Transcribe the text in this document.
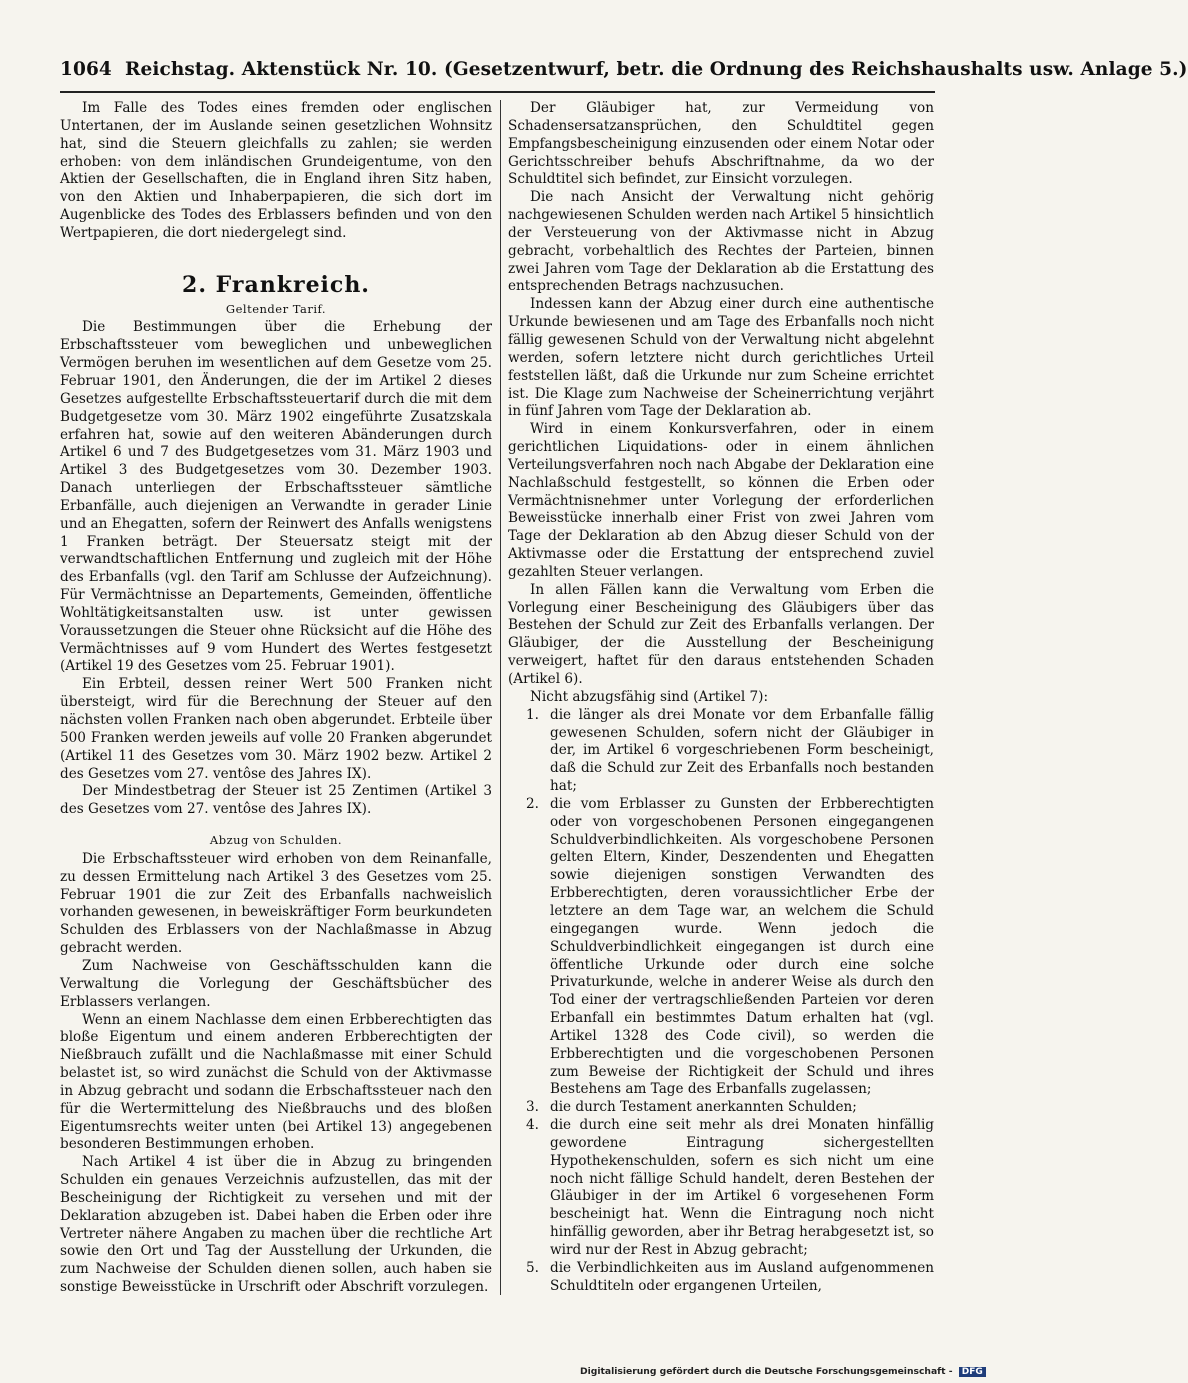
1064 Reichstag. Aktenstück Nr. 10. (Gesetzentwurf, betr. die Ordnung des Reichshaushalts usw. Anlage 5.)

Im Falle des Todes eines fremden oder englischen Untertanen, der im Auslande seinen gesetzlichen Wohnsitz hat, sind die Steuern gleichfalls zu zahlen; sie werden erhoben: von dem inländischen Grundeigentume, von den Aktien der Gesellschaften, die in England ihren Sitz haben, von den Aktien und Inhaberpapieren, die sich dort im Augenblicke des Todes des Erblassers befinden und von den Wertpapieren, die dort niedergelegt sind.

2. Frankreich.
Geltender Tarif.

Die Bestimmungen über die Erhebung der Erbschaftssteuer vom beweglichen und unbeweglichen Vermögen beruhen im wesentlichen auf dem Gesetze vom 25. Februar 1901, den Änderungen, die der im Artikel 2 dieses Gesetzes aufgestellte Erbschaftssteuertarif durch die mit dem Budgetgesetze vom 30. März 1902 eingeführte Zusatzskala erfahren hat, sowie auf den weiteren Abänderungen durch Artikel 6 und 7 des Budgetgesetzes vom 31. März 1903 und Artikel 3 des Budgetgesetzes vom 30. Dezember 1903. Danach unterliegen der Erbschaftssteuer sämtliche Erbanfälle, auch diejenigen an Verwandte in gerader Linie und an Ehegatten, sofern der Reinwert des Anfalls wenigstens 1 Franken beträgt. Der Steuersatz steigt mit der verwandtschaftlichen Entfernung und zugleich mit der Höhe des Erbanfalls (vgl. den Tarif am Schlusse der Aufzeichnung). Für Vermächtnisse an Departements, Gemeinden, öffentliche Wohltätigkeitsanstalten usw. ist unter gewissen Voraussetzungen die Steuer ohne Rücksicht auf die Höhe des Vermächtnisses auf 9 vom Hundert des Wertes festgesetzt (Artikel 19 des Gesetzes vom 25. Februar 1901).

Ein Erbteil, dessen reiner Wert 500 Franken nicht übersteigt, wird für die Berechnung der Steuer auf den nächsten vollen Franken nach oben abgerundet. Erbteile über 500 Franken werden jeweils auf volle 20 Franken abgerundet (Artikel 11 des Gesetzes vom 30. März 1902 bezw. Artikel 2 des Gesetzes vom 27. ventôse des Jahres IX).

Der Mindestbetrag der Steuer ist 25 Zentimen (Artikel 3 des Gesetzes vom 27. ventôse des Jahres IX).

Abzug von Schulden.

Die Erbschaftssteuer wird erhoben von dem Reinanfalle, zu dessen Ermittelung nach Artikel 3 des Gesetzes vom 25. Februar 1901 die zur Zeit des Erbanfalls nachweislich vorhanden gewesenen, in beweiskräftiger Form beurkundeten Schulden des Erblassers von der Nachlaßmasse in Abzug gebracht werden.

Zum Nachweise von Geschäftsschulden kann die Verwaltung die Vorlegung der Geschäftsbücher des Erblassers verlangen.

Wenn an einem Nachlasse dem einen Erbberechtigten das bloße Eigentum und einem anderen Erbberechtigten der Nießbrauch zufällt und die Nachlaßmasse mit einer Schuld belastet ist, so wird zunächst die Schuld von der Aktivmasse in Abzug gebracht und sodann die Erbschaftssteuer nach den für die Wertermittelung des Nießbrauchs und des bloßen Eigentumsrechts weiter unten (bei Artikel 13) angegebenen besonderen Bestimmungen erhoben.

Nach Artikel 4 ist über die in Abzug zu bringenden Schulden ein genaues Verzeichnis aufzustellen, das mit der Bescheinigung der Richtigkeit zu versehen und mit der Deklaration abzugeben ist. Dabei haben die Erben oder ihre Vertreter nähere Angaben zu machen über die rechtliche Art sowie den Ort und Tag der Ausstellung der Urkunden, die zum Nachweise der Schulden dienen sollen, auch haben sie sonstige Beweisstücke in Urschrift oder Abschrift vorzulegen.

Der Gläubiger hat, zur Vermeidung von Schadensersatzansprüchen, den Schuldtitel gegen Empfangsbescheinigung einzusenden oder einem Notar oder Gerichtsschreiber behufs Abschriftnahme, da wo der Schuldtitel sich befindet, zur Einsicht vorzulegen.

Die nach Ansicht der Verwaltung nicht gehörig nachgewiesenen Schulden werden nach Artikel 5 hinsichtlich der Versteuerung von der Aktivmasse nicht in Abzug gebracht, vorbehaltlich des Rechtes der Parteien, binnen zwei Jahren vom Tage der Deklaration ab die Erstattung des entsprechenden Betrags nachzusuchen.

Indessen kann der Abzug einer durch eine authentische Urkunde bewiesenen und am Tage des Erbanfalls noch nicht fällig gewesenen Schuld von der Verwaltung nicht abgelehnt werden, sofern letztere nicht durch gerichtliches Urteil feststellen läßt, daß die Urkunde nur zum Scheine errichtet ist. Die Klage zum Nachweise der Scheinerrichtung verjährt in fünf Jahren vom Tage der Deklaration ab.

Wird in einem Konkursverfahren, oder in einem gerichtlichen Liquidations- oder in einem ähnlichen Verteilungsverfahren noch nach Abgabe der Deklaration eine Nachlaßschuld festgestellt, so können die Erben oder Vermächtnisnehmer unter Vorlegung der erforderlichen Beweisstücke innerhalb einer Frist von zwei Jahren vom Tage der Deklaration ab den Abzug dieser Schuld von der Aktivmasse oder die Erstattung der entsprechend zuviel gezahlten Steuer verlangen.

In allen Fällen kann die Verwaltung vom Erben die Vorlegung einer Bescheinigung des Gläubigers über das Bestehen der Schuld zur Zeit des Erbanfalls verlangen. Der Gläubiger, der die Ausstellung der Bescheinigung verweigert, haftet für den daraus entstehenden Schaden (Artikel 6).

Nicht abzugsfähig sind (Artikel 7):

1. die länger als drei Monate vor dem Erbanfalle fällig gewesenen Schulden, sofern nicht der Gläubiger in der, im Artikel 6 vorgeschriebenen Form bescheinigt, daß die Schuld zur Zeit des Erbanfalls noch bestanden hat;
2. die vom Erblasser zu Gunsten der Erbberechtigten oder von vorgeschobenen Personen eingegangenen Schuldverbindlichkeiten. Als vorgeschobene Personen gelten Eltern, Kinder, Deszendenten und Ehegatten sowie diejenigen sonstigen Verwandten des Erbberechtigten, deren voraussichtlicher Erbe der letztere an dem Tage war, an welchem die Schuld eingegangen wurde. Wenn jedoch die Schuldverbindlichkeit eingegangen ist durch eine öffentliche Urkunde oder durch eine solche Privaturkunde, welche in anderer Weise als durch den Tod einer der vertragschließenden Parteien vor deren Erbanfall ein bestimmtes Datum erhalten hat (vgl. Artikel 1328 des Code civil), so werden die Erbberechtigten und die vorgeschobenen Personen zum Beweise der Richtigkeit der Schuld und ihres Bestehens am Tage des Erbanfalls zugelassen;
3. die durch Testament anerkannten Schulden;
4. die durch eine seit mehr als drei Monaten hinfällig gewordene Eintragung sichergestellten Hypothekenschulden, sofern es sich nicht um eine noch nicht fällige Schuld handelt, deren Bestehen der Gläubiger in der im Artikel 6 vorgesehenen Form bescheinigt hat. Wenn die Eintragung noch nicht hinfällig geworden, aber ihr Betrag herabgesetzt ist, so wird nur der Rest in Abzug gebracht;
5. die Verbindlichkeiten aus im Ausland aufgenommenen Schuldtiteln oder ergangenen Urteilen,
Digitalisierung gefördert durch die Deutsche Forschungsgemeinschaft - DFG
